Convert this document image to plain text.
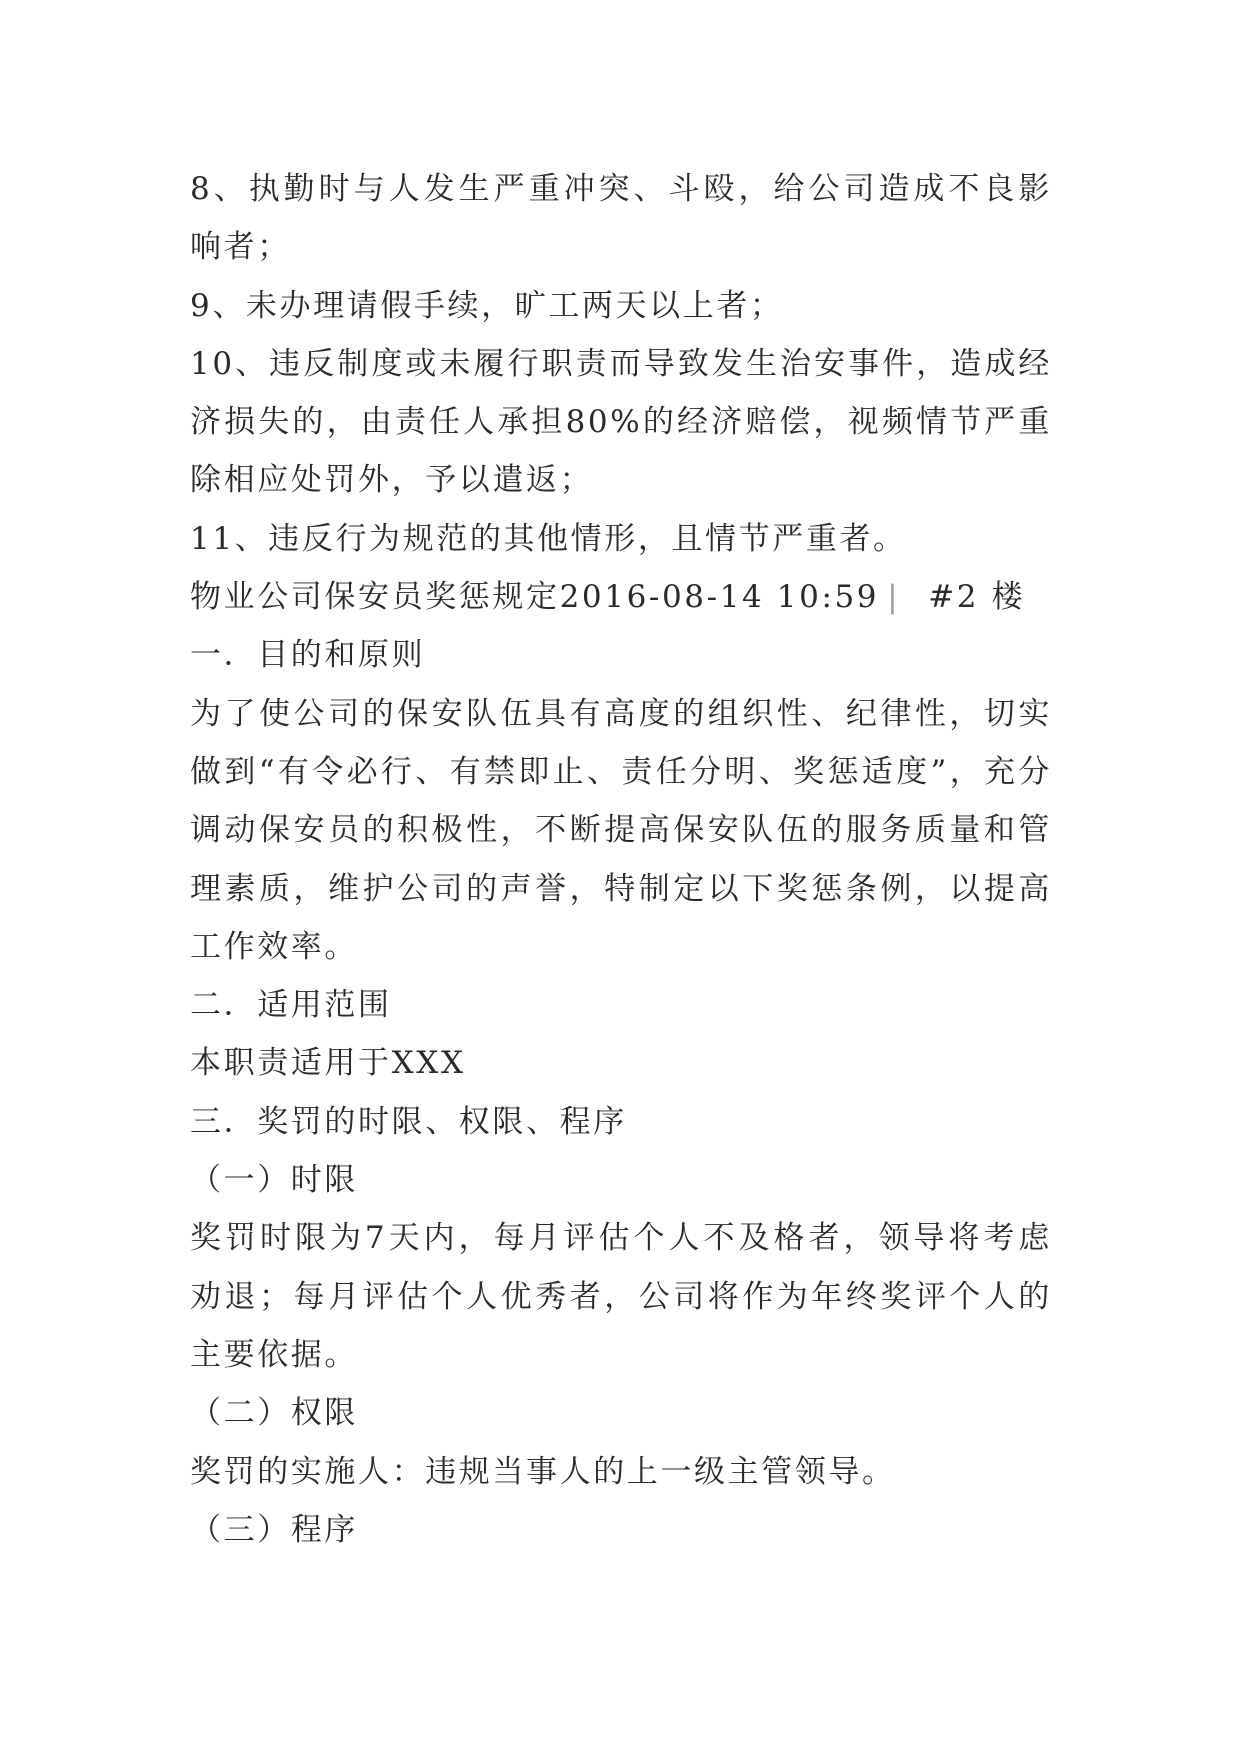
8、执勤时与人发生严重冲突、斗殴，给公司造成不良影响者；

9、未办理请假手续，旷工两天以上者；

10、违反制度或未履行职责而导致发生治安事件，造成经济损失的，由责任人承担80%的经济赔偿，视频情节严重除相应处罚外，予以遣返；

11、违反行为规范的其他情形，且情节严重者。

物业公司保安员奖惩规定2016-08-14 10:59 | #2 楼

一．目的和原则

为了使公司的保安队伍具有高度的组织性、纪律性，切实做到“有令必行、有禁即止、责任分明、奖惩适度”，充分调动保安员的积极性，不断提高保安队伍的服务质量和管理素质，维护公司的声誉，特制定以下奖惩条例，以提高工作效率。

二．适用范围

本职责适用于XXX

三．奖罚的时限、权限、程序

（一）时限

奖罚时限为7天内，每月评估个人不及格者，领导将考虑劝退；每月评估个人优秀者，公司将作为年终奖评个人的主要依据。

（二）权限

奖罚的实施人：违规当事人的上一级主管领导。

（三）程序
